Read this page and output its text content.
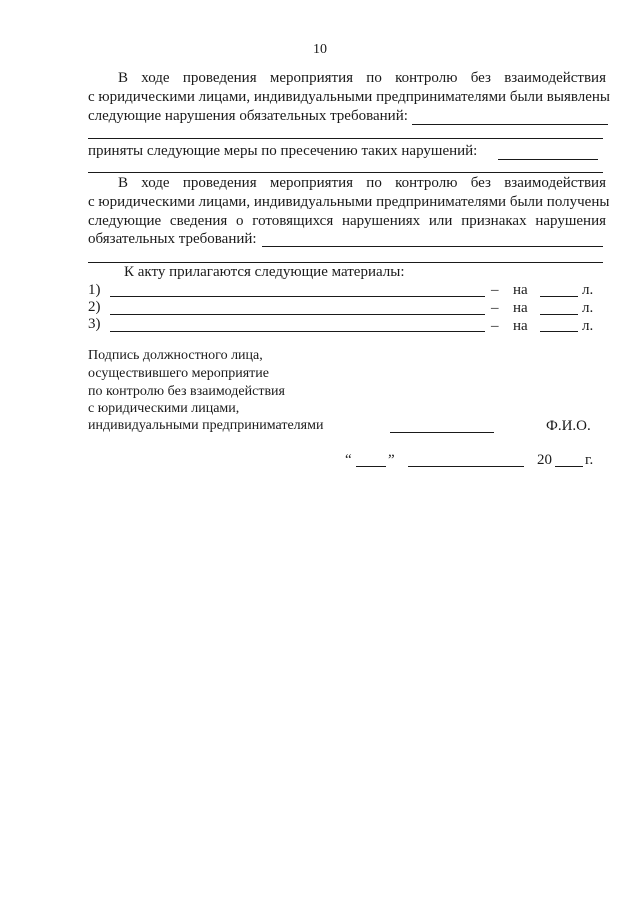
10
В ходе проведения мероприятия по контролю без взаимодействия
с юридическими лицами, индивидуальными предпринимателями были выявлены
следующие нарушения обязательных требований:
приняты следующие меры по пресечению таких нарушений:
В ходе проведения мероприятия по контролю без взаимодействия
с юридическими лицами, индивидуальными предпринимателями были получены
следующие сведения о готовящихся нарушениях или признаках нарушения
обязательных требований:
К акту прилагаются следующие материалы:
1)	– на	л.
2)	– на	л.
3)	– на	л.
Подпись должностного лица,
осуществившего мероприятие
по контролю без взаимодействия
с юридическими лицами,
индивидуальными предпринимателями	Ф.И.О.
“ ”	20 г.
